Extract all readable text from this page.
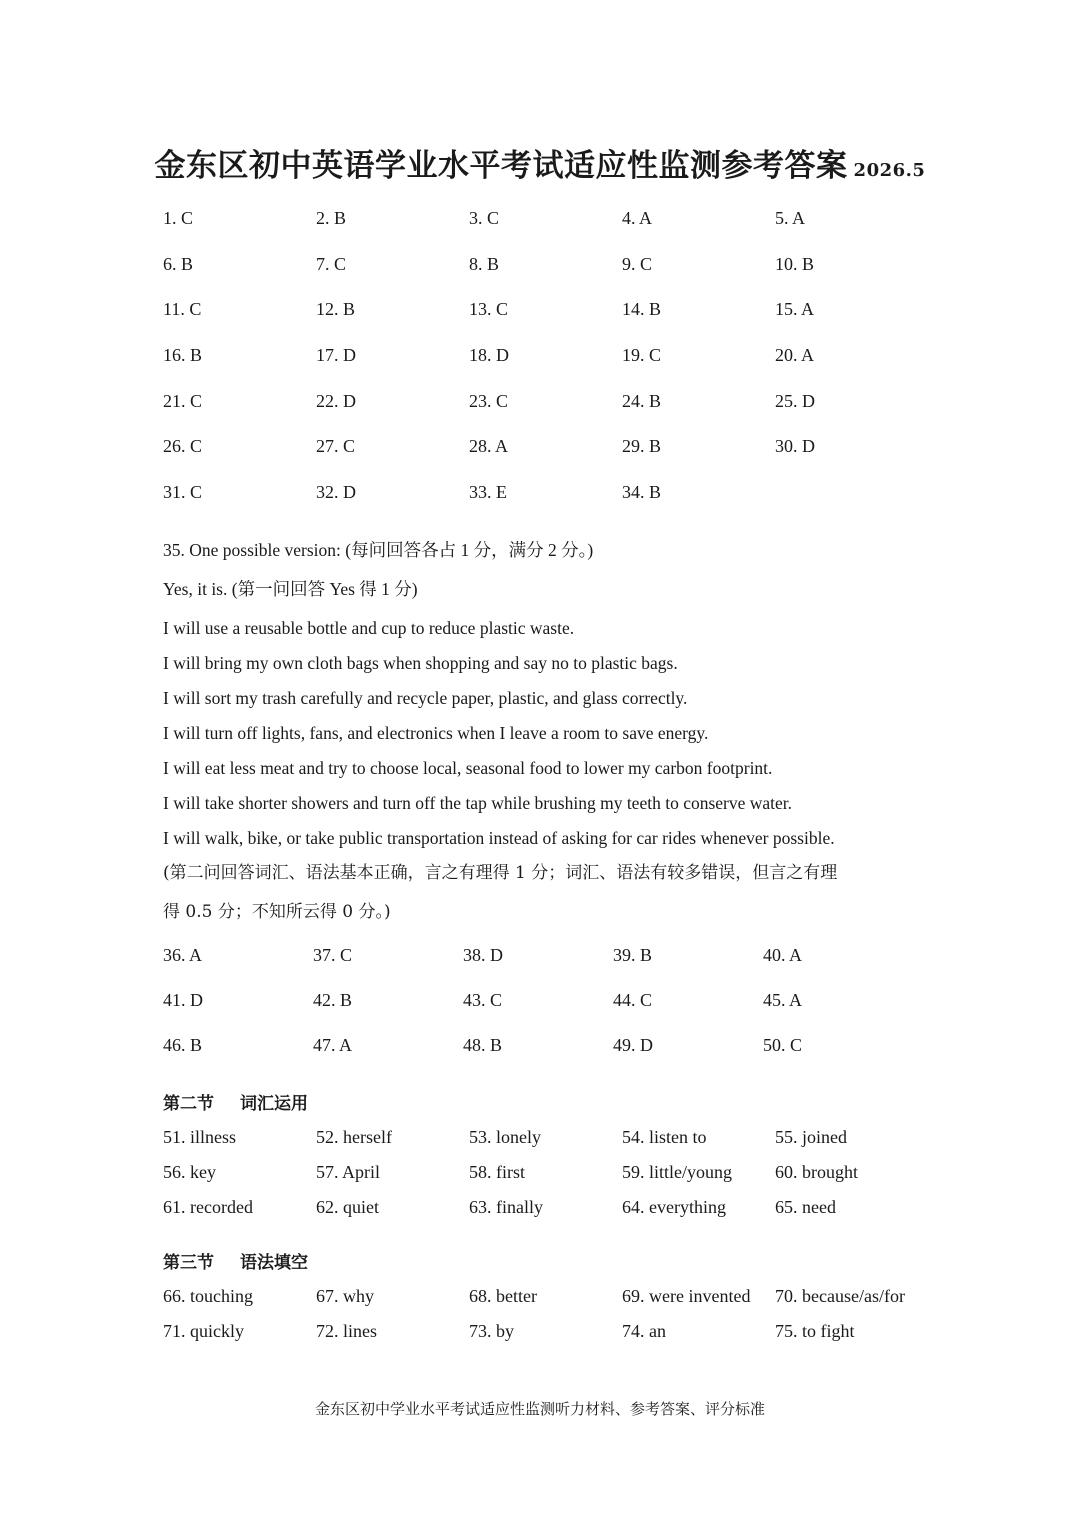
金东区初中英语学业水平考试适应性监测参考答案 2026.5
1. C	2. B	3. C	4. A	5. A
6. B	7. C	8. B	9. C	10. B
11. C	12. B	13. C	14. B	15. A
16. B	17. D	18. D	19. C	20. A
21. C	22. D	23. C	24. B	25. D
26. C	27. C	28. A	29. B	30. D
31. C	32. D	33. E	34. B
35. One possible version: (每问回答各占 1 分，满分 2 分。)
Yes, it is. (第一问回答 Yes 得 1 分)
I will use a reusable bottle and cup to reduce plastic waste.
I will bring my own cloth bags when shopping and say no to plastic bags.
I will sort my trash carefully and recycle paper, plastic, and glass correctly.
I will turn off lights, fans, and electronics when I leave a room to save energy.
I will eat less meat and try to choose local, seasonal food to lower my carbon footprint.
I will take shorter showers and turn off the tap while brushing my teeth to conserve water.
I will walk, bike, or take public transportation instead of asking for car rides whenever possible.
(第二问回答词汇、语法基本正确，言之有理得 1 分；词汇、语法有较多错误，但言之有理
得 0.5 分；不知所云得 0 分。)
36. A	37. C	38. D	39. B	40. A
41. D	42. B	43. C	44. C	45. A
46. B	47. A	48. B	49. D	50. C
第二节 词汇运用
51. illness	52. herself	53. lonely	54. listen to	55. joined
56. key	57. April	58. first	59. little/young	60. brought
61. recorded	62. quiet	63. finally	64. everything	65. need
第三节 语法填空
66. touching	67. why	68. better	69. were invented	70. because/as/for
71. quickly	72. lines	73. by	74. an	75. to fight
金东区初中学业水平考试适应性监测听力材料、参考答案、评分标准
